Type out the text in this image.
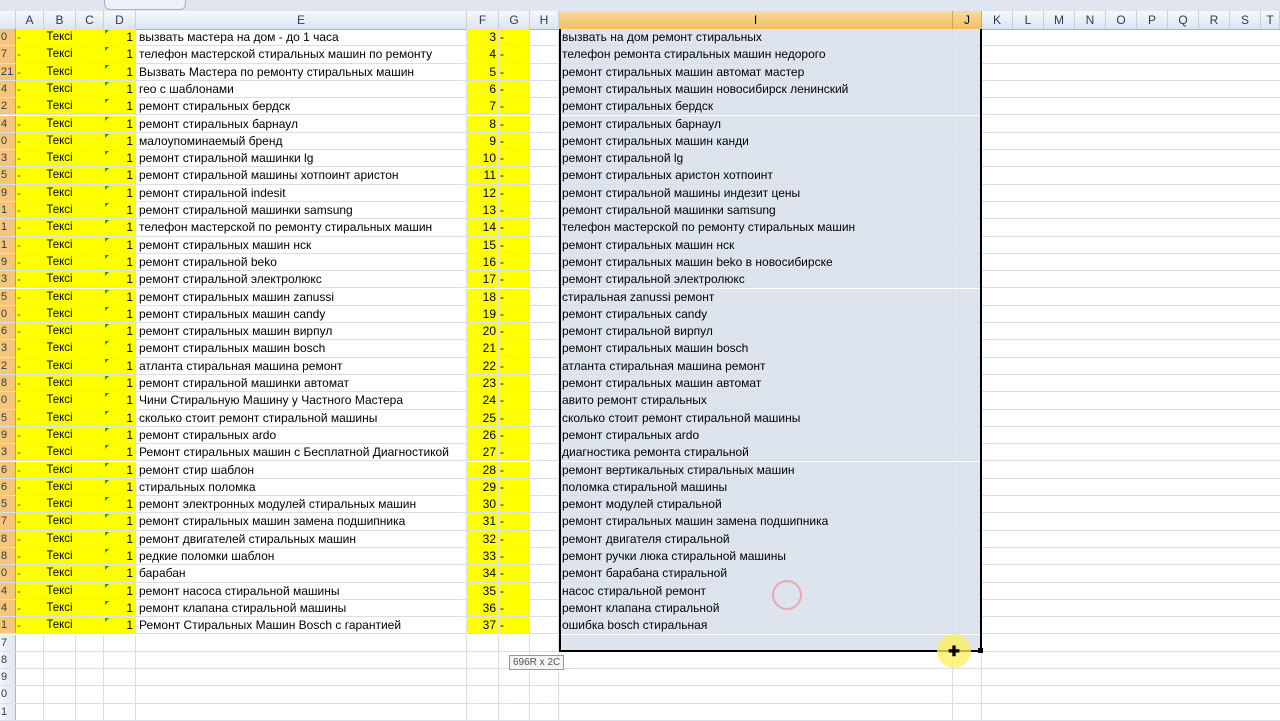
A	B	C	D	E	F	G	H	I	J	K	L	M	N	O	P	Q	R	S	T
0 -	Тексі	1 вызвать мастера на дом - до 1 часа	3 -	вызвать на дом ремонт стиральных
7 -	Тексі	1 телефон мастерской стиральных машин по ремонту	4 -	телефон ремонта стиральных машин недорого
21 -	Тексі	1 Вызвать Мастера по ремонту стиральных машин	5 -	ремонт стиральных машин автомат мастер
4 -	Тексі	1 гео с шаблонами	6 -	ремонт стиральных машин новосибирск ленинский
2 -	Тексі	1 ремонт стиральных бердск	7 -	ремонт стиральных бердск
4 -	Тексі	1 ремонт стиральных барнаул	8 -	ремонт стиральных барнаул
0 -	Тексі	1 малоупоминаемый бренд	9 -	ремонт стиральных машин канди
3 -	Тексі	1 ремонт стиральной машинки lg	10 -	ремонт стиральной lg
5 -	Тексі	1 ремонт стиральной машины хотпоинт аристон	11 -	ремонт стиральных аристон хотпоинт
9 -	Тексі	1 ремонт стиральной indesit	12 -	ремонт стиральной машины индезит цены
1 -	Тексі	1 ремонт стиральной машинки samsung	13 -	ремонт стиральной машинки samsung
1 -	Тексі	1 телефон мастерской по ремонту стиральных машин	14 -	телефон мастерской по ремонту стиральных машин
1 -	Тексі	1 ремонт стиральных машин нск	15 -	ремонт стиральных машин нск
9 -	Тексі	1 ремонт стиральной beko	16 -	ремонт стиральных машин beko в новосибирске
3 -	Тексі	1 ремонт стиральной электролюкс	17 -	ремонт стиральной электролюкс
5 -	Тексі	1 ремонт стиральных машин zanussi	18 -	стиральная zanussi ремонт
0 -	Тексі	1 ремонт стиральных машин candy	19 -	ремонт стиральных candy
6 -	Тексі	1 ремонт стиральных машин вирпул	20 -	ремонт стиральной вирпул
3 -	Тексі	1 ремонт стиральных машин bosch	21 -	ремонт стиральных машин bosch
2 -	Тексі	1 атланта стиральная машина ремонт	22 -	атланта стиральная машина ремонт
8 -	Тексі	1 ремонт стиральной машинки автомат	23 -	ремонт стиральных машин автомат
0 -	Тексі	1 Чини Стиральную Машину у Частного Мастера	24 -	авито ремонт стиральных
5 -	Тексі	1 сколько стоит ремонт стиральной машины	25 -	сколько стоит ремонт стиральной машины
9 -	Тексі	1 ремонт стиральных ardo	26 -	ремонт стиральных ardo
3 -	Тексі	1 Ремонт стиральных машин с Бесплатной Диагностикой	27 -	диагностика ремонта стиральной
6 -	Тексі	1 ремонт стир шаблон	28 -	ремонт вертикальных стиральных машин
6 -	Тексі	1 стиральных поломка	29 -	поломка стиральной машины
5 -	Тексі	1 ремонт электронных модулей стиральных машин	30 -	ремонт модулей стиральной
7 -	Тексі	1 ремонт стиральных машин замена подшипника	31 -	ремонт стиральных машин замена подшипника
8 -	Тексі	1 ремонт двигателей стиральных машин	32 -	ремонт двигателя стиральной
8 -	Тексі	1 редкие поломки шаблон	33 -	ремонт ручки люка стиральной машины
0 -	Тексі	1 барабан	34 -	ремонт барабана стиральной
4 -	Тексі	1 ремонт насоса стиральной машины	35 -	насос стиральной ремонт
4 -	Тексі	1 ремонт клапана стиральной машины	36 -	ремонт клапана стиральной
1 -	Тексі	1 Ремонт Стиральных Машин Bosch с гарантией	37 -	ошибка bosch стиральная
7
8
9
0
1
696R x 2C
✚
